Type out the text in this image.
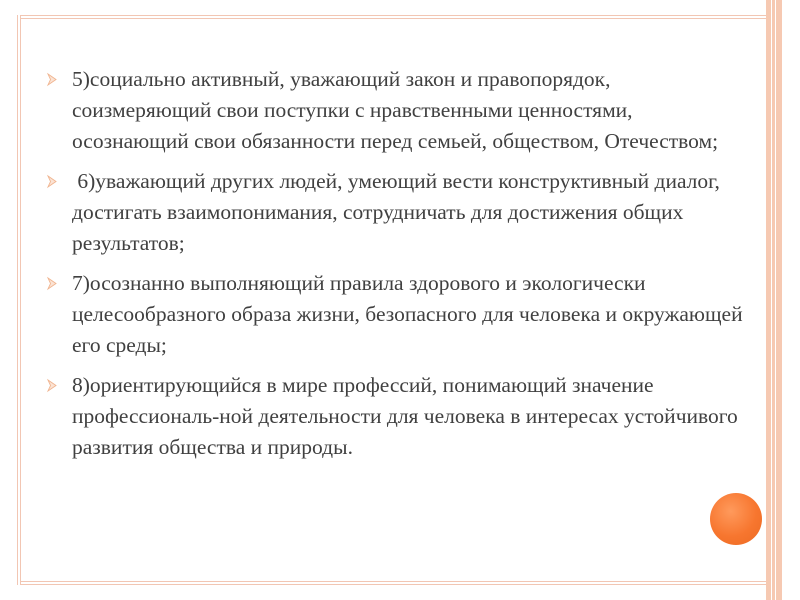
5)социально активный, уважающий закон и правопорядок, соизмеряющий свои поступки с нравственными ценностями, осознающий свои обязанности перед семьей, обществом, Отечеством;
6)уважающий других людей, умеющий вести конструктивный диалог, достигать взаимопонимания, сотрудничать для достижения общих результатов;
7)осознанно выполняющий правила здорового и экологически целесообразного образа жизни, безопасного для человека и окружающей его среды;
8)ориентирующийся в мире профессий, понимающий значение профессиональ-ной деятельности для человека в интересах устойчивого развития общества и природы.
